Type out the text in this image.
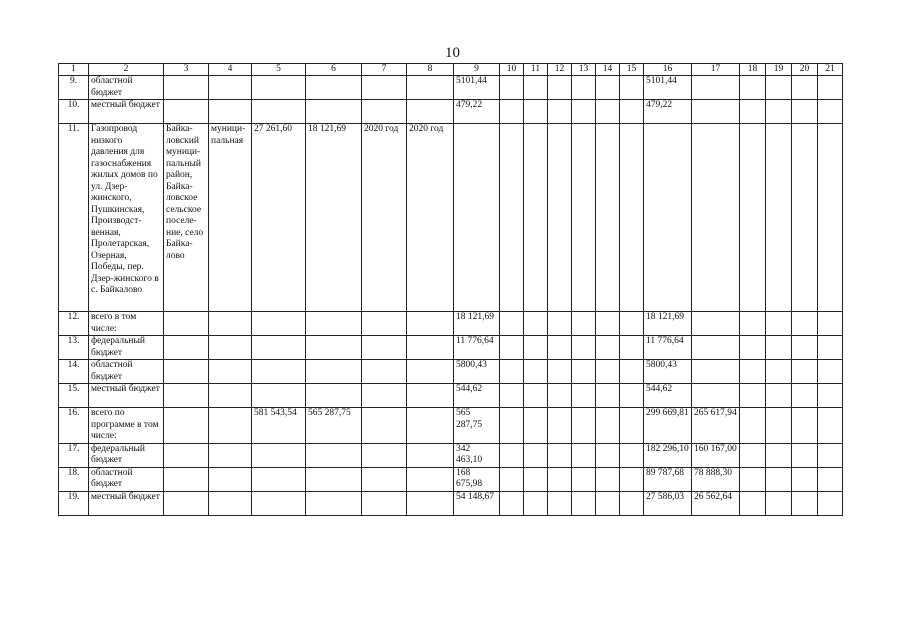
10
1	2	3	4	5	6	7	8	9	10	11	12	13	14	15	16	17	18	19	20	21
9.	областной бюджет							5101,44							5101,44					
10.	местный бюджет							479,22							479,22					
11.	Газопровод низкого давления для газоснабжения жилых домов по ул. Дзер-жинского, Пушкинская, Производст-венная, Пролетарская, Озерная, Победы, пер. Дзер-жинского в с. Байкалово	Байка-ловский муници-пальный район, Байка-ловское сельское поселе-ние, село Байка-лово	муници-пальная	27 261,60	18 121,69	2020 год	2020 год													
12.	всего в том числе:							18 121,69							18 121,69					
13.	федеральный бюджет							11 776,64							11 776,64					
14.	областной бюджет							5800,43							5800,43					
15.	местный бюджет							544,62							544,62					
16.	всего по программе в том числе:			581 543,54	565 287,75			565 287,75							299 669,81	265 617,94				
17.	федеральный бюджет							342 463,10							182 296,10	160 167,00				
18.	областной бюджет							168 675,98							89 787,68	78 888,30				
19.	местный бюджет							54 148,67							27 586,03	26 562,64				
